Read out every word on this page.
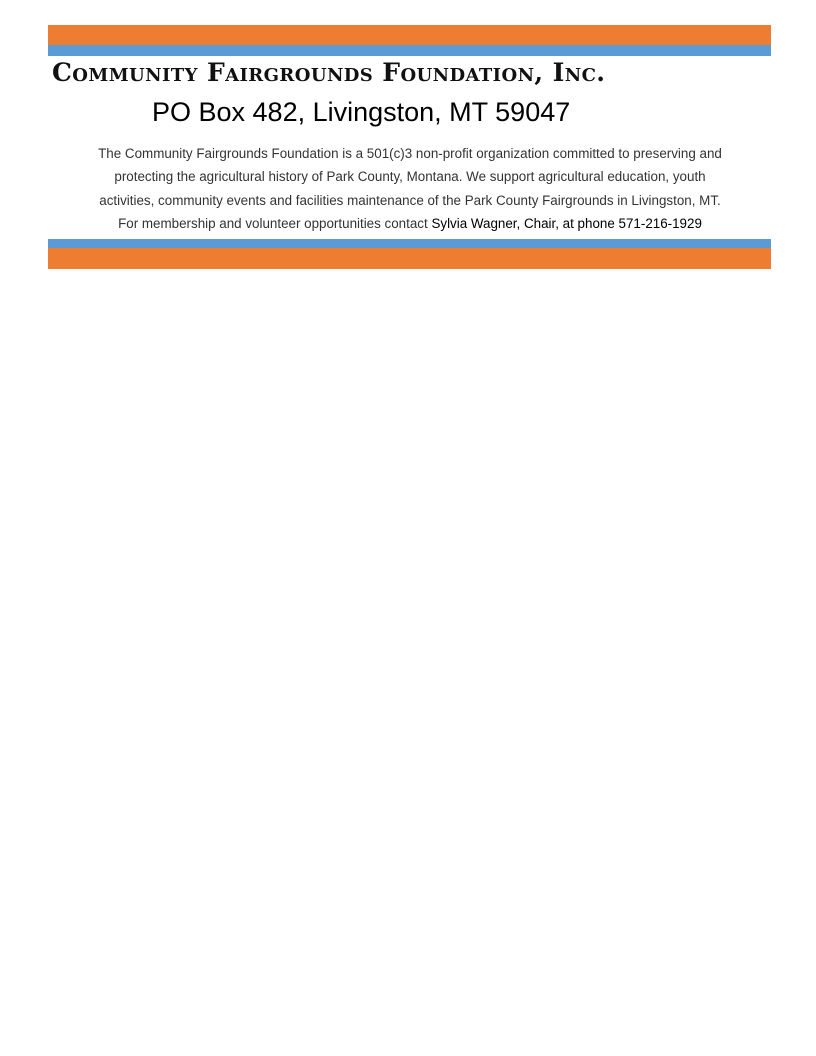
Community Fairgrounds Foundation, Inc.

PO Box 482, Livingston, MT 59047

The Community Fairgrounds Foundation is a 501(c)3 non-profit organization committed to preserving and
protecting the agricultural history of Park County, Montana. We support agricultural education, youth
activities, community events and facilities maintenance of the Park County Fairgrounds in Livingston, MT.
For membership and volunteer opportunities contact Sylvia Wagner, Chair, at phone 571-216-1929
